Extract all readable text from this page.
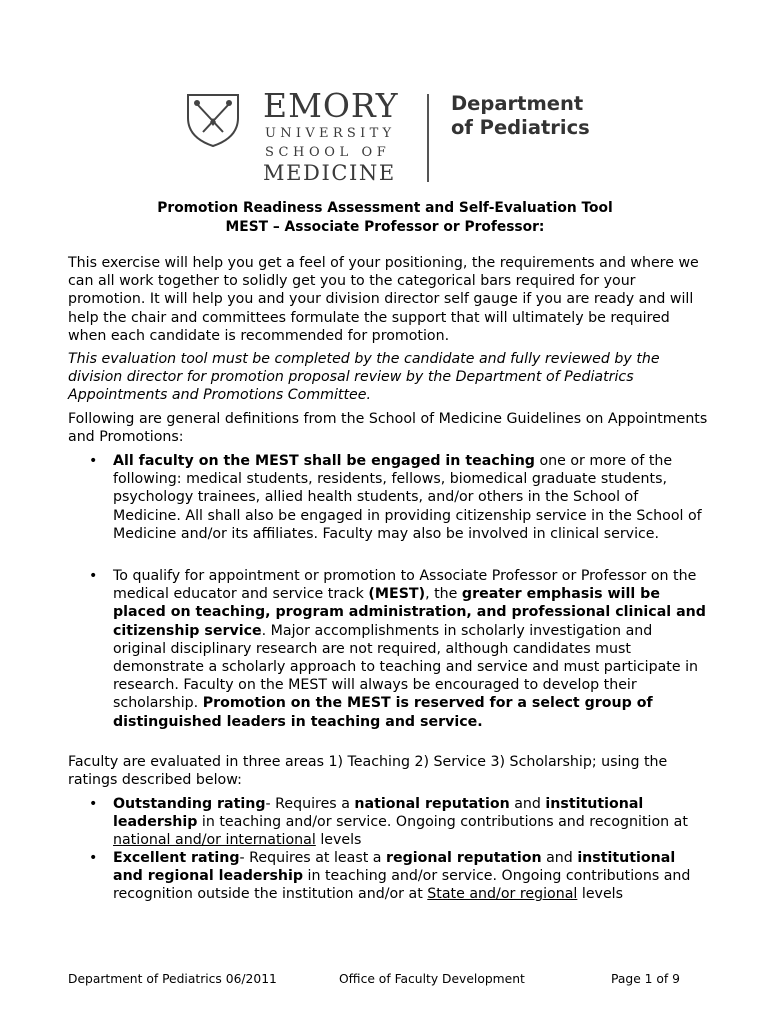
EMORY
UNIVERSITY
SCHOOL OF
MEDICINE
Department
of Pediatrics
Promotion Readiness Assessment and Self-Evaluation Tool
MEST – Associate Professor or Professor:

This exercise will help you get a feel of your positioning, the requirements and where we can all work together to solidly get you to the categorical bars required for your promotion. It will help you and your division director self gauge if you are ready and will help the chair and committees formulate the support that will ultimately be required when each candidate is recommended for promotion.

This evaluation tool must be completed by the candidate and fully reviewed by the division director for promotion proposal review by the Department of Pediatrics Appointments and Promotions Committee.

Following are general definitions from the School of Medicine Guidelines on Appointments and Promotions:

• All faculty on the MEST shall be engaged in teaching one or more of the following: medical students, residents, fellows, biomedical graduate students, psychology trainees, allied health students, and/or others in the School of Medicine. All shall also be engaged in providing citizenship service in the School of Medicine and/or its affiliates. Faculty may also be involved in clinical service.
• To qualify for appointment or promotion to Associate Professor or Professor on the medical educator and service track (MEST), the greater emphasis will be placed on teaching, program administration, and professional clinical and citizenship service. Major accomplishments in scholarly investigation and original disciplinary research are not required, although candidates must demonstrate a scholarly approach to teaching and service and must participate in research. Faculty on the MEST will always be encouraged to develop their scholarship. Promotion on the MEST is reserved for a select group of distinguished leaders in teaching and service.

Faculty are evaluated in three areas 1) Teaching 2) Service 3) Scholarship; using the ratings described below:

• Outstanding rating- Requires a national reputation and institutional leadership in teaching and/or service. Ongoing contributions and recognition at national and/or international levels
• Excellent rating- Requires at least a regional reputation and institutional and regional leadership in teaching and/or service. Ongoing contributions and recognition outside the institution and/or at State and/or regional levels
Department of Pediatrics 06/2011	Office of Faculty Development	Page 1 of 9
